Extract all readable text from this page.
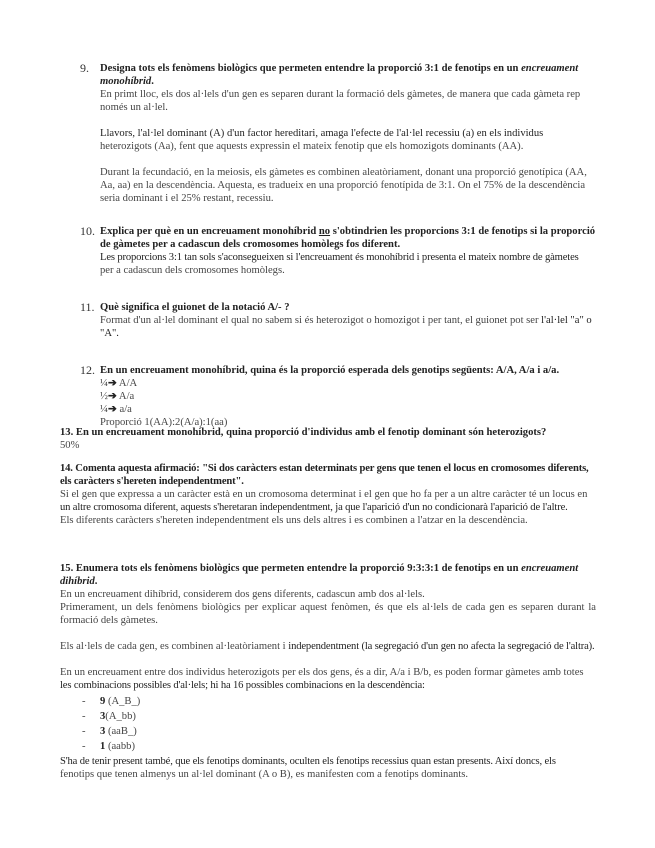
9. Designa tots els fenòmens biològics que permeten entendre la proporció 3:1 de fenotips en un encreuament monohíbrid.

En primt lloc, els dos al·lels d'un gen es separen durant la formació dels gàmetes, de manera que cada gàmeta rep només un al·lel.

Llavors, l'al·lel dominant (A) d'un factor hereditari, amaga l'efecte de l'al·lel recessiu (a) en els individus
heterozigots (Aa), fent que aquests expressin el mateix fenotip que els homozigots dominants (AA).

Durant la fecundació, en la meiosis, els gàmetes es combinen aleatòriament, donant una proporció genotípica (AA, Aa, aa) en la descendència. Aquesta, es tradueix en una proporció fenotípida de 3:1. On el 75% de la descendència seria dominant i el 25% restant, recessiu.

10. Explica per què en un encreuament monohíbrid no s'obtindrien les proporcions 3:1 de fenotips si la proporció de gàmetes per a cadascun dels cromosomes homòlegs fos diferent.
Les proporcions 3:1 tan sols s'aconsegueixen si l'encreuament és monohíbrid i presenta el mateix nombre de gàmetes
per a cadascun dels cromosomes homòlegs.
11. Què significa el guionet de la notació A/- ?
Format d'un al·lel dominant el qual no sabem si és heterozigot o homozigot i per tant, el guionet pot ser l'al·lel "a" o
"A".
12. En un encreuament monohíbrid, quina és la proporció esperada dels genotips següents: A/A, A/a i a/a.
¼➔ A/A
½➔ A/a
¼➔ a/a
Proporció 1(AA):2(A/a):1(aa)
13. En un encreuament monohíbrid, quina proporció d'individus amb el fenotip dominant són heterozigots?
50%
14. Comenta aquesta afirmació: "Si dos caràcters estan determinats per gens que tenen el locus en cromosomes diferents, els caràcters s'hereten independentment".
Si el gen que expressa a un caràcter està en un cromosoma determinat i el gen que ho fa per a un altre caràcter té un locus en
un altre cromosoma diferent, aquests s'heretaran independentment, ja que l'aparició d'un no condicionarà l'aparició de l'altre.
Els diferents caràcters s'hereten independentment els uns dels altres i es combinen a l'atzar en la descendència.
15. Enumera tots els fenòmens biològics que permeten entendre la proporció 9:3:3:1 de fenotips en un encreuament dihíbrid.
En un encreuament dihíbrid, considerem dos gens diferents, cadascun amb dos al·lels.

Primerament, un dels fenòmens biològics per explicar aquest fenòmen, és que els al·lels de cada gen es separen durant la formació dels gàmetes.

Els al·lels de cada gen, es combinen al·leatòriament i independentment (la segregació d'un gen no afecta la segregació de l'altra).

En un encreuament entre dos individus heterozigots per els dos gens, és a dir, A/a i B/b, es poden formar gàmetes amb totes
les combinacions possibles d'al·lels; hi ha 16 possibles combinacions en la descendència:
- 9 (A_B_)
- 3(A_bb)
- 3 (aaB_)
- 1 (aabb)
S'ha de tenir present també, que els fenotips dominants, oculten els fenotips recessius quan estan presents. Així doncs, els
fenotips que tenen almenys un al·lel dominant (A o B), es manifesten com a fenotips dominants.
